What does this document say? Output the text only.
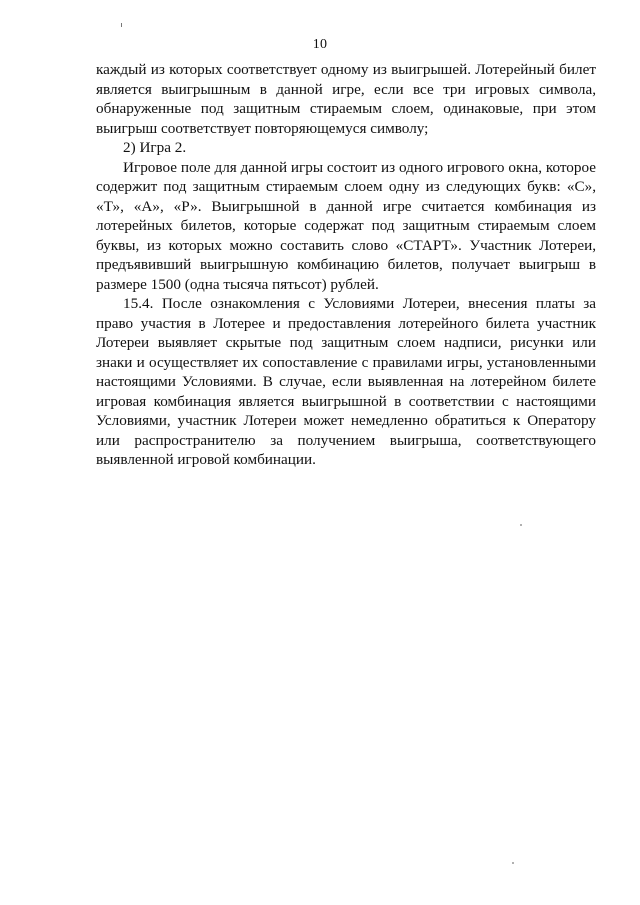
10

каждый из которых соответствует одному из выигрышей. Лотерейный билет является выигрышным в данной игре, если все три игровых символа, обнаруженные под защитным стираемым слоем, одинаковые, при этом выигрыш соответствует повторяющемуся символу;

2) Игра 2.

Игровое поле для данной игры состоит из одного игрового окна, которое содержит под защитным стираемым слоем одну из следующих букв: «С», «Т», «А», «Р». Выигрышной в данной игре считается комбинация из лотерейных билетов, которые содержат под защитным стираемым слоем буквы, из которых можно составить слово «СТАРТ». Участник Лотереи, предъявивший выигрышную комбинацию билетов, получает выигрыш в размере 1500 (одна тысяча пятьсот) рублей.

15.4. После ознакомления с Условиями Лотереи, внесения платы за право участия в Лотерее и предоставления лотерейного билета участник Лотереи выявляет скрытые под защитным слоем надписи, рисунки или знаки и осуществляет их сопоставление с правилами игры, установленными настоящими Условиями. В случае, если выявленная на лотерейном билете игровая комбинация является выигрышной в соответствии с настоящими Условиями, участник Лотереи может немедленно обратиться к Оператору или распространителю за получением выигрыша, соответствующего выявленной игровой комбинации.
